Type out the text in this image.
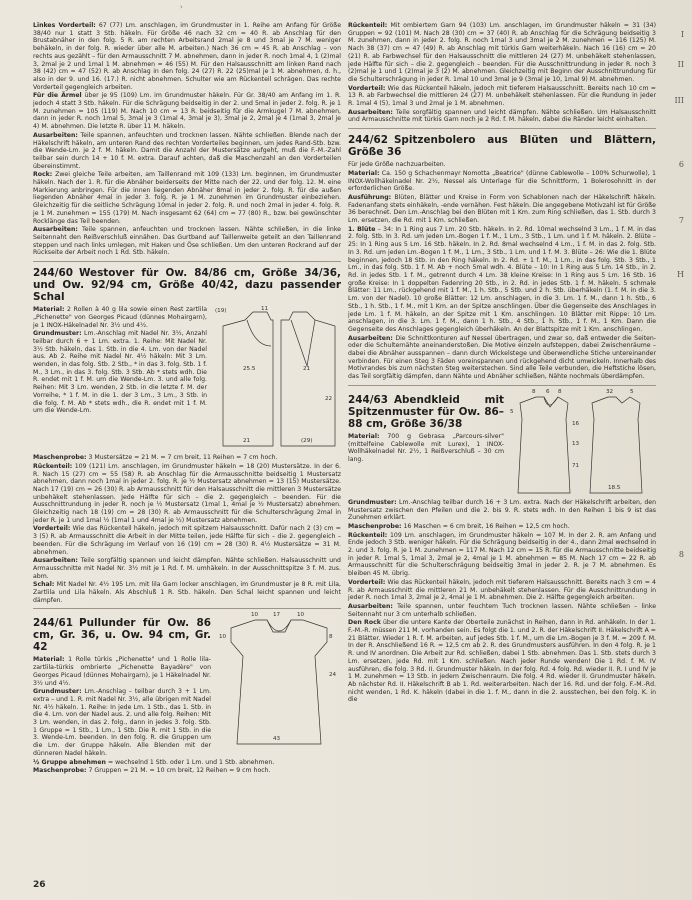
›

Linkes Vorderteil: 67 (77) Lm. anschlagen, im Grundmuster in 1. Reihe am Anfang für Größe 38/40 nur 1 statt 3 Stb. häkeln. Für Größe 46 nach 32 cm = 40 R. ab Anschlag für den Brustabnäher in den folg. 5 R. am rechten Arbeitsrand 2mal je 8 und 3mal je 7 M. weniger behäkeln, in der folg. R. wieder über alle M. arbeiten.) Nach 36 cm = 45 R. ab Anschlag – von rechts aus gezählt – für den Armausschnitt 7 M. abnehmen, dann in jeder R. noch 1mal 4, 1 (2)mal 3, 2mal je 2 und 1mal 1 M. abnehmen = 46 (55) M. Für den Halsausschnitt am linken Rand nach 38 (42) cm = 47 (52) R. ab Anschlag in den folg. 24 (27) R. 22 (25)mal je 1 M. abnehmen, d. h., also in der 9. und 16. (17.) R. nicht abnehmen. Schulter wie am Rückenteil schrägen. Das rechte Vorderteil gegengleich arbeiten.

Für die Ärmel über je 95 (109) Lm. im Grundmuster häkeln. Für Gr. 38/40 am Anfang im 1. R. jedoch 4 statt 3 Stb. häkeln. Für die Schrägung beidseitig in der 2. und 5mal in jeder 2. folg. R. je 1 M. zunehmen = 105 (119) M. Nach 10 cm = 13 R. beidseitig für die Armkugel 7 M. abnehmen, dann in jeder R. noch 1mal 5, 3mal je 3 (1mal 4, 3mal je 3), 3mal je 2, 2mal je 4 (1mal 3, 2mal je 4) M. abnehmen. Die letzte R. über 11 M. häkeln.

Ausarbeiten: Teile spannen, anfeuchten und trocknen lassen. Nähte schließen. Blende nach der Häkelschrift häkeln, am unteren Rand des rechten Vorderteiles beginnen, um jedes Rand-Stb. bzw. die Wende-Lm. je 2 f. M. häkeln. Damit die Anzahl der Mustersätze aufgeht, muß die F.-M.-Zahl teilbar sein durch 14 + 10 f. M. extra. Darauf achten, daß die Maschenzahl an den Vorderteilen übereinstimmt.

Rock: Zwei gleiche Teile arbeiten, am Taillenrand mit 109 (133) Lm. beginnen, im Grundmuster häkeln. Nach der 1. R. für die Abnäher beiderseits der Mitte nach der 22. und der folg. 12. M. eine Markierung anbringen. Für die innen liegenden Abnäher 8mal in jeder 2. folg. R. für die außen liegenden Abnäher 4mal in jeder 3. folg. R. je 1 M. zunehmen im Grundmuster einbeziehen. Gleichzeitig für die seitliche Schrägung 10mal in jeder 2. folg. R. und noch 2mal in jeder 4. folg. R. je 1 M. zunehmen = 155 (179) M. Nach insgesamt 62 (64) cm = 77 (80) R., bzw. bei gewünschter Rocklänge das Teil beenden.

Ausarbeiten: Teile spannen, anfeuchten und trocknen lassen. Nähte schließen, in die linke Seitennaht den Reißverschluß einnähen. Das Gurtband auf Taillenweite geteilt an den Taillenrand steppen und nach links umlegen, mit Haken und Öse schließen. Um den unteren Rockrand auf der Rückseite der Arbeit noch 1 Rd. Stb. häkeln.

244/60 Westover für Ow. 84/86 cm, Größe 34/36, und Ow. 92/94 cm, Größe 40/42, dazu passender Schal

Material: 2 Rollen à 40 g lila sowie einen Rest zartlila „Pichenette" von Georges Picaud (dünnes Mohairgarn), je 1 INOX-Häkelnadel Nr. 3½ und 4½.

Grundmuster: Lm.-Anschlag mit Nadel Nr. 3½, Anzahl teilbar durch 6 + 1 Lm. extra. 1. Reihe: Mit Nadel Nr. 3½ Stb. häkeln, das 1. Stb. in die 4. Lm. von der Nadel aus. Ab 2. Reihe mit Nadel Nr. 4½ häkeln: Mit 3 Lm. wenden, in das folg. Stb. 2 Stb., * in das 3. folg. Stb. 1 f. M., 3 Lm., in das 3. folg. Stb. 3 Stb. Ab * stets wdh. Die R. endet mit 1 f. M. um die Wende-Lm. 3. und alle folg. Reihen: Mit 3 Lm. wenden, 2 Stb. in die letzte f. M. der Vorreihe, * 1 f. M. in die 1. der 3 Lm., 3 Lm., 3 Stb. in die folg. f. M. Ab * stets wdh., die R. endet mit 1 f. M. um die Wende-Lm.

(19)
25.5	21
11
21	(29)
22

Maschenprobe: 3 Mustersätze = 21 M. = 7 cm breit, 11 Reihen = 7 cm hoch.

Rückenteil: 109 (121) Lm. anschlagen, im Grundmuster häkeln = 18 (20) Mustersätze. In der 6. R. Nach 15 (27) cm = 55 (58) R. ab Anschlag für die Armausschnitte beidseitig 1 Mustersatz abnehmen, dann noch 1mal in jeder 2. folg. R. je ½ Mustersatz abnehmen = 13 (15) Mustersätze. Nach 17 (19) cm = 26 (30) R. ab Armausschnitt für den Halsausschnitt die mittleren 3 Mustersätze unbehäkelt stehenlassen. Jede Hälfte für sich – die 2. gegengleich – beenden. Für die Ausschnittrundung in jeder R. noch je ½ Mustersatz (1mal 1, 4mal je ½ Mustersatz) abnehmen. Gleichzeitig nach 18 (19) cm = 28 (30) R. ab Armausschnitt für die Schulterschrägung 2mal in jeder R. je 1 und 1mal ½ (1mal 1 und 4mal je ½) Mustersatz abnehmen.

Vorderteil: Wie das Rückenteil häkeln, jedoch mit spitzem Halsausschnitt. Dafür nach 2 (3) cm = 3 (5) R. ab Armausschnitt die Arbeit in der Mitte teilen, jede Hälfte für sich – die 2. gegengleich – beenden. Für die Schrägung im Verlauf von 16 (19) cm = 28 (30) R. 4½ Mustersätze = 31 M. abnehmen.

Ausarbeiten: Teile sorgfältig spannen und leicht dämpfen. Nähte schließen. Halsausschnitt und Armausschnitte mit Nadel Nr. 3½ mit je 1 Rd. f. M. umhäkeln. In der Ausschnittspitze 3 f. M. zus. abm.

Schal: Mit Nadel Nr. 4½ 195 Lm. mit lila Garn locker anschlagen, im Grundmuster je 8 R. mit Lila, Zartlila und Lila häkeln. Als Abschluß 1 R. Stb. häkeln. Den Schal leicht spannen und leicht dämpfen.

244/61 Pullunder für Ow. 86 cm, Gr. 36, u. Ow. 94 cm, Gr. 42

Material: 1 Rolle türkis „Pichenette" und 1 Rolle lila-zartlila-türkis ombrierte „Pichenette Bayadère" von Georges Picaud (dünnes Mohairgarn), je 1 Häkelnadel Nr. 3½ und 4½.

Grundmuster: Lm.-Anschlag – teilbar durch 3 + 1 Lm. extra – und 1. R. mit Nadel Nr. 3½, alle übrigen mit Nadel Nr. 4½ häkeln. 1. Reihe: In jede Lm. 1 Stb., das 1. Stb. in die 4. Lm. von der Nadel aus. 2. und alle folg. Reihen: Mit 3 Lm. wenden, in das 2. folg., dann in jedes 3. folg. Stb. 1 Gruppe = 1 Stb., 1 Lm., 1 Stb. Die R. mit 1 Stb. in die 3. Wende-Lm. beenden. In den folg. R. die Gruppen um die Lm. der Gruppe häkeln. Alle Blenden mit der dünneren Nadel häkeln.

10	17	10
10	8
24
43

½ Gruppe abnehmen = wechselnd 1 Stb. oder 1 Lm. und 1 Stb. abnehmen.

Maschenprobe: 7 Gruppen = 21 M. = 10 cm breit, 12 Reihen = 9 cm hoch.

Rückenteil: Mit ombiertem Garn 94 (103) Lm. anschlagen, im Grundmuster häkeln = 31 (34) Gruppen = 92 (101) M. Nach 28 (30) cm = 37 (40) R. ab Anschlag für die Schrägung beidseitig 3 M. zunehmen, dann in jeder 2. folg. R. noch 1mal 3 und 3mal je 2 M. zunehmen = 116 (125) M. Nach 38 (37) cm = 47 (49) R. ab Anschlag mit türkis Garn weiterhäkeln. Nach 16 (16) cm = 20 (21) R. ab Farbwechsel für den Halsausschnitt die mittleren 24 (27) M. unbehäkelt stehenlassen, jede Hälfte für sich – die 2. gegengleich – beenden. Für die Ausschnittrundung in jeder R. noch 3 (2)mal je 1 und 1 (2)mal je 3 (2) M. abnehmen. Gleichzeitig mit Beginn der Ausschnittrundung für die Schulterschrägung in jeder R. 1mal 10 und 3mal je 9 (3mal je 10, 1mal 9) M. abnehmen.

Vorderteil: Wie das Rückenteil häkeln, jedoch mit tieferem Halsausschnitt. Bereits nach 10 cm = 13 R. ab Farbwechsel die mittleren 24 (27) M. unbehäkelt stehenlassen. Für die Rundung in jeder R. 1mal 4 (5), 1mal 3 und 2mal je 1 M. abnehmen.

Ausarbeiten: Teile sorgfältig spannen und leicht dämpfen. Nähte schließen. Um Halsausschnitt und Armausschnitte mit türkis Garn noch je 2 Rd. f. M. häkeln, dabei die Ränder leicht einhalten.

244/62 Spitzenbolero aus Blüten und Blättern, Größe 36

Für jede Größe nachzuarbeiten.

Material: Ca. 150 g Schachenmayr Nomotta „Beatrice" (dünne Cablewolle – 100% Schurwolle), 1 INOX-Wollhäkelnadel Nr. 2½, Nessel als Unterlage für die Schnittform, 1 Bolerosohnitt in der erforderlichen Größe.

Ausführung: Blüten, Blätter und Kreise in Form von Schablonen nach der Häkelschrift häkeln. Fadenanfang stets einhäkeln, -ende vernähen. Fest häkeln. Die angegebene Motivzahl ist für Größe 36 berechnet. Den Lm.-Anschlag bei den Blüten mit 1 Km. zum Ring schließen, das 1. Stb. durch 3 Lm. ersetzen, die Rd. mit 1 Km. schließen.

1. Blüte – 34: In 1 Ring aus 7 Lm. 20 Stb. häkeln. In 2. Rd. 10mal wechselnd 3 Lm., 1 f. M. in das 2. folg. Stb. In 3. Rd. um jeden Lm.-Bogen 1 f. M., 1 Lm., 3 Stb., 1 Lm. und 1 f. M. häkeln. 2. Blüte – 25: In 1 Ring aus 5 Lm. 16 Stb. häkeln. In 2. Rd. 8mal wechselnd 4 Lm., 1 f. M. in das 2. folg. Stb. In 3. Rd. um jeden Lm.-Bogen 1 f. M., 1 Lm., 3 Stb., 1 Lm. und 1 f. M. 3. Blüte – 26: Wie die 1. Blüte beginnen, jedoch 18 Stb. in den Ring häkeln. In 2. Rd. + 1 f. M., 1 Lm., in das folg. Stb. 3 Stb., 1 Lm., in das folg. Stb. 1 f. M. Ab + noch 5mal wdh. 4. Blüte – 10: In 1 Ring aus 5 Lm. 14 Stb., in 2. Rd. in jedes Stb. 1 f. M., getrennt durch 4 Lm. 38 kleine Kreise: In 1 Ring aus 5 Lm. 16 Stb. 16 große Kreise: In 1 doppelten Fadenring 20 Stb., in 2. Rd. in jedes Stb. 1 f. M. häkeln. 5 schmale Blätter: 11 Lm., rückgehend mit 1 f. M., 1 h. Stb., 5 Stb. und 2 h. Stb. überhäkeln (1. f. M. in die 3. Lm. von der Nadel). 10 große Blätter: 12 Lm. anschlagen, in die 3. Lm. 1 f. M., dann 1 h. Stb., 6 Stb., 1 h. Stb., 1 f. M., mit 1 Km. an der Spitze anschlingen. Über die Gegenseite des Anschlages in jede Lm. 1 f. M. häkeln, an der Spitze mit 1 Km. anschlingen. 10 Blätter mit Rippe: 10 Lm. anschlagen, in die 3. Lm. 1 f. M., dann 1 h. Stb., 4 Stb., 1 h. Stb., 1 f. M., 1 Km. Dann die Gegenseite des Anschlages gegengleich überhäkeln. An der Blattspitze mit 1 Km. anschlingen.

Ausarbeiten: Die Schnittkonturen auf Nessel übertragen, und zwar so, daß entweder die Seiten- oder die Schulternähte aneinanderstoßen. Die Motive einzeln aufsteppen, dabei Zwischenräume – dabei die Abnäher ausspannen – dann durch Wickelstege und überwendliche Stiche untereinander verbinden. Für einen Steg 3 Fäden voreinspannen und rückgehend dicht umwickeln. Innerhalb des Motivrandes bis zum nächsten Steg weiterstechen. Sind alle Teile verbunden, die Heftstiche lösen, das Teil sorgfältig dämpfen, dann Nähte und Abnäher schließen, Nähte nochmals überdämpfen.

244/63 Abendkleid mit Spitzenmuster für Ow. 86–88 cm, Größe 36/38

Material: 700 g Gebrasa „Parcours-silver" (mittelfeine Cablewolle mit Lurex), 1 INOX-Wollhäkelnadel Nr. 2½, 1 Reißverschluß – 30 cm lang.

8 6 8
5
16
13
71
32	5
18.5

Grundmuster: Lm.-Anschlag teilbar durch 16 + 3 Lm. extra. Nach der Häkelschrift arbeiten, den Mustersatz zwischen den Pfeilen und die 2. bis 9. R. stets wdh. In den Reihen 1 bis 9 ist das Zunehmen erklärt.

Maschenprobe: 16 Maschen = 6 cm breit, 16 Reihen = 12,5 cm hoch.

Rückenteil: 109 Lm. anschlagen, im Grundmuster häkeln = 107 M. In der 2. R. am Anfang und Ende jedoch 3 Stb. weniger häkeln. Für die Schrägung beidseitig in der 4., dann 2mal wechselnd in 2. und 3. folg. R. je 1 M. zunehmen = 117 M. Nach 12 cm = 15 R. für die Armausschnitte beidseitig in jeder R. 1mal 5, 1mal 3, 2mal je 2, 4mal je 1 M. abnehmen = 85 M. Nach 17 cm = 22 R. ab Armausschnitt für die Schulterschrägung beidseitig 3mal in jeder 2. R. je 7 M. abnehmen. Es bleiben 45 M. übrig.

Vorderteil: Wie das Rückenteil häkeln, jedoch mit tieferem Halsausschnitt. Bereits nach 3 cm = 4 R. ab Armausschnitt die mittleren 21 M. unbehäkelt stehenlassen. Für die Ausschnittrundung in jeder R. noch 1mal 3, 2mal je 2, 4mal je 1 M. abnehmen. Die 2. Hälfte gegengleich arbeiten.

Ausarbeiten: Teile spannen, unter feuchtem Tuch trocknen lassen. Nähte schließen – linke Seitennaht nur 3 cm unterhalb schließen.

Den Rock über die untere Kante der Oberteile zunächst in Reihen, dann in Rd. anhäkeln. In der 1. F.-M.-R. müssen 211 M. vorhanden sein. Es folgt die 1. und 2. R. der Häkelschrift II. Häkelschrift A = 21 Blätter. Wieder 1 R. f. M. arbeiten, auf jedes Stb. 1 f. M., um die Lm.-Bogen je 3 f. M. = 209 f. M. In der R. Anschließend 16 R. = 12,5 cm ab 2. R. des Grundmusters ausführen. In den 4 folg. R. je 1 R. und IV anordnen. Die Arbeit zur Rd. schließen, dabei 1 Stb. abnehmen. Das 1. Stb. stets durch 3 Lm. ersetzen, jede Rd. mit 1 Km. schließen. Nach jeder Runde wenden! Die 1 Rd. f. M. IV ausführen, die folg. 3 Rd. II. Grundmuster häkeln. In der folg. Rd. 4 folg. Rd. wieder II. R. I und IV je 1 M. zunehmen = 13 Stb. in jedem Zwischenraum. Die folg. 4 Rd. wieder II. Grundmuster häkeln. Ab nächster Rd. II. Häkelschrift B ab 1. Rd. weiterarbeiten. Nach der 16. Rd. und der folg. F.-M.-Rd. nicht wenden, 1 Rd. K. häkeln (dabei in die 1. f. M., dann in die 2. ausstechen, bei den folg. K. in die

I
II
III
6
7
H
8
26
